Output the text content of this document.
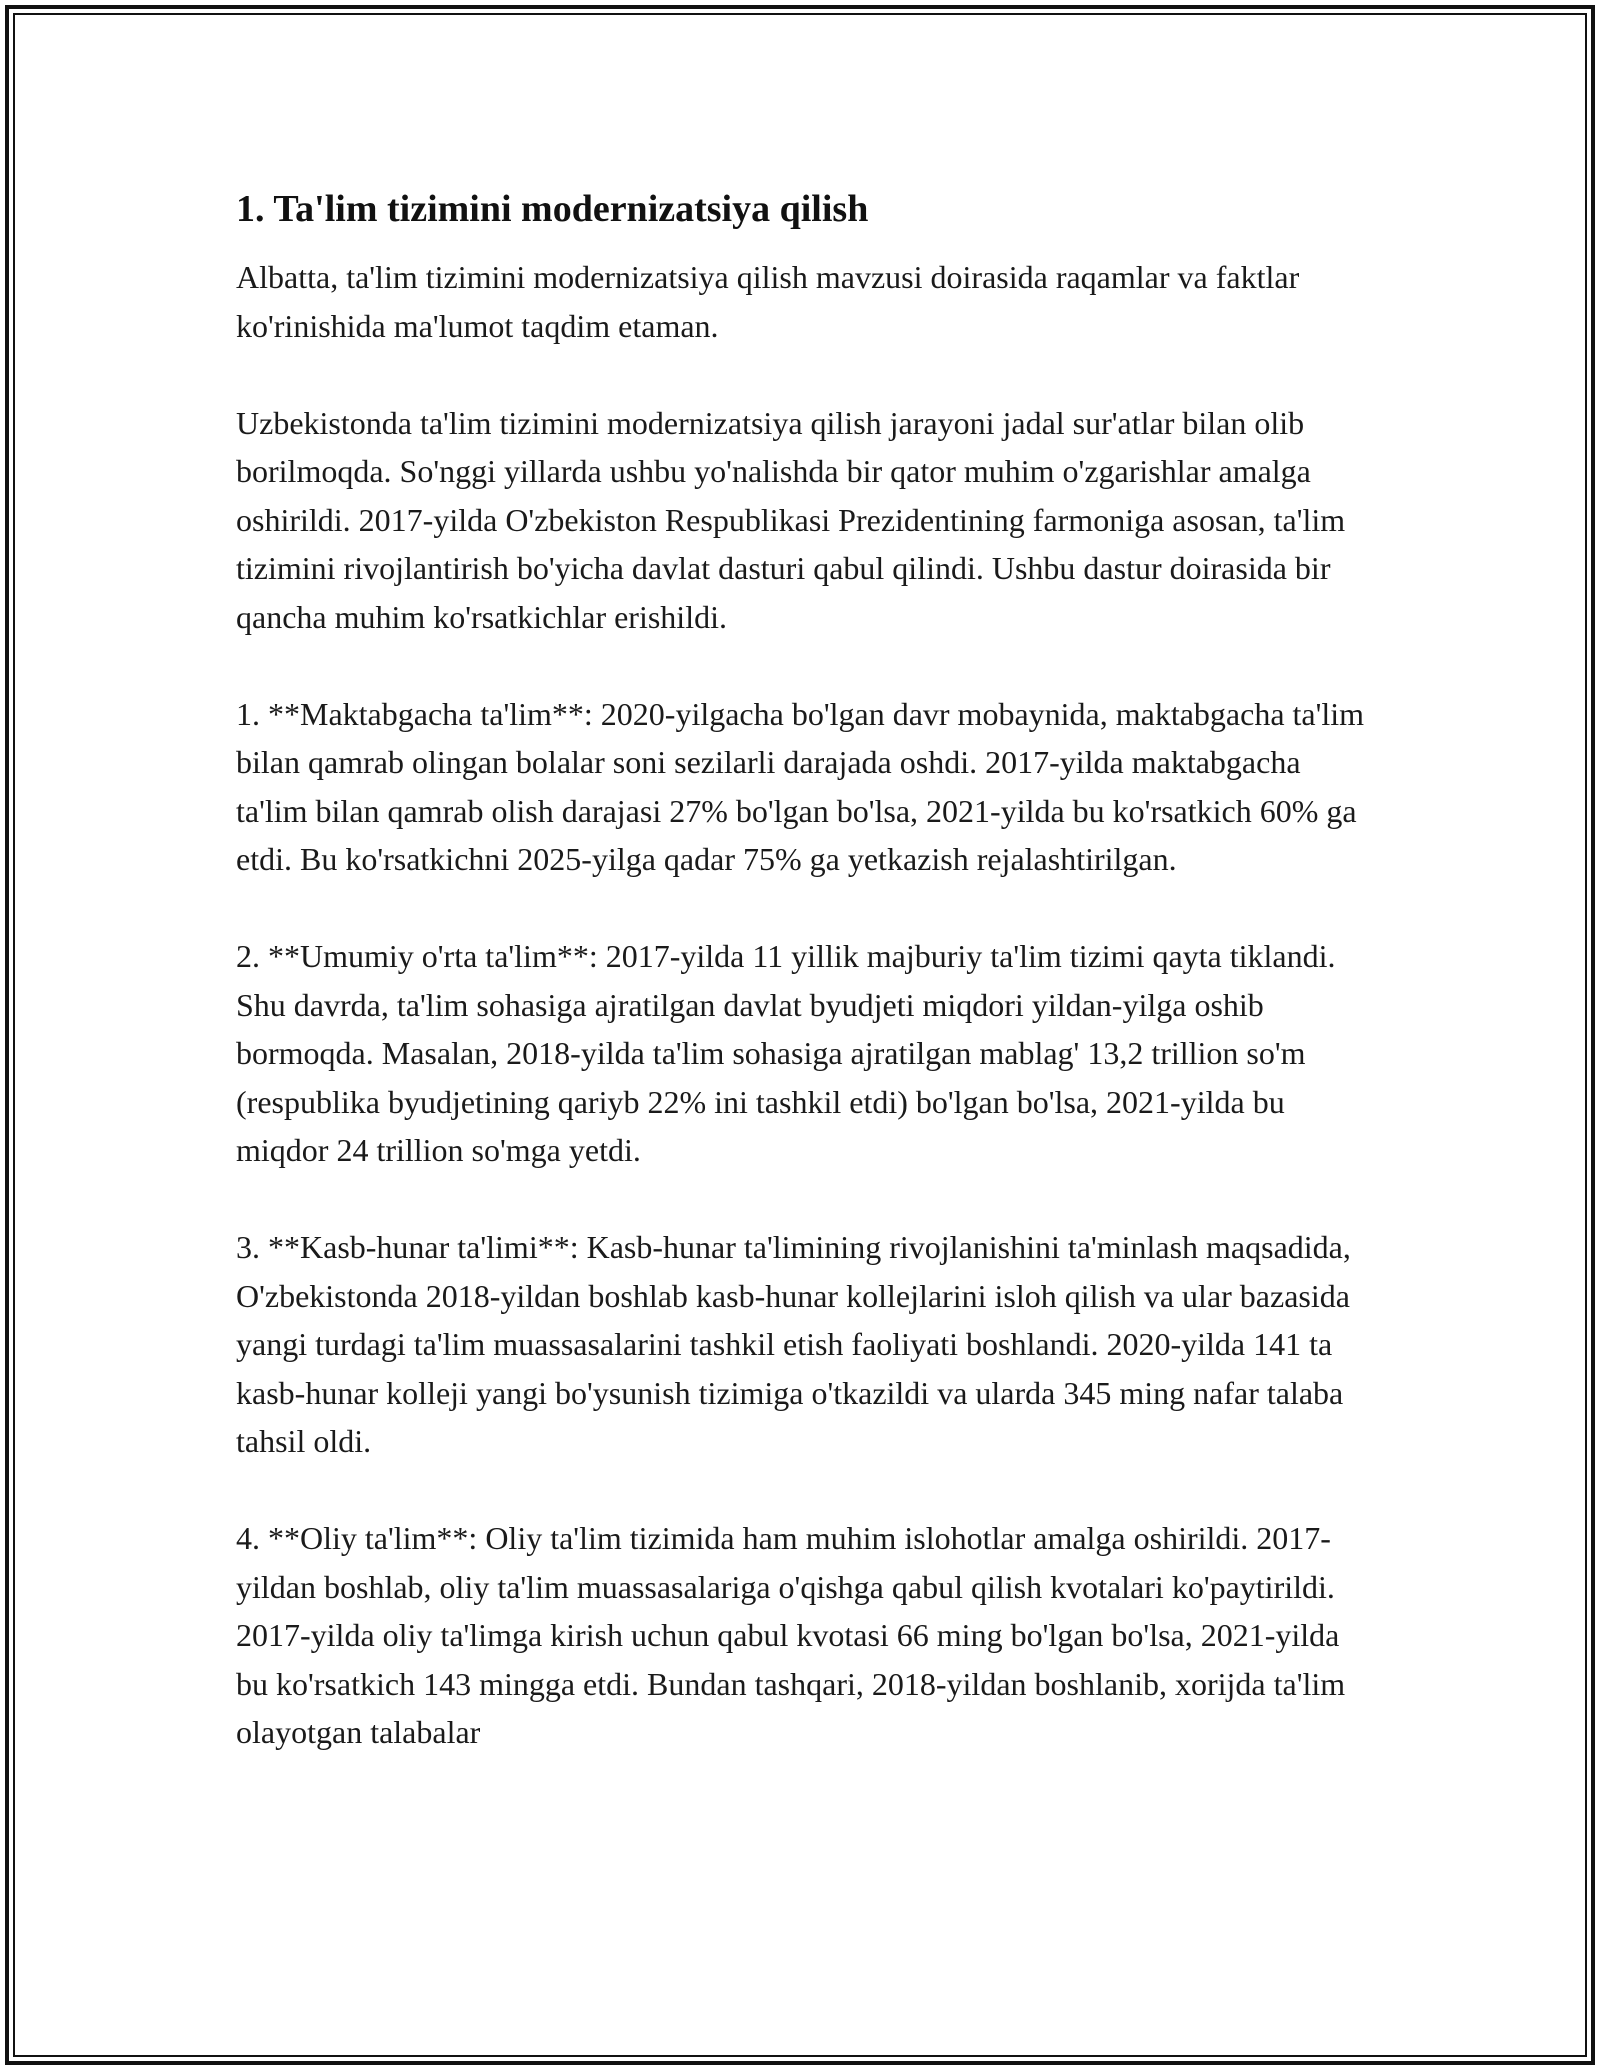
1. Ta'lim tizimini modernizatsiya qilish

Albatta, ta'lim tizimini modernizatsiya qilish mavzusi doirasida raqamlar va faktlar ko'rinishida ma'lumot taqdim etaman.

Uzbekistonda ta'lim tizimini modernizatsiya qilish jarayoni jadal sur'atlar bilan olib borilmoqda. So'nggi yillarda ushbu yo'nalishda bir qator muhim o'zgarishlar amalga oshirildi. 2017-yilda O'zbekiston Respublikasi Prezidentining farmoniga asosan, ta'lim tizimini rivojlantirish bo'yicha davlat dasturi qabul qilindi. Ushbu dastur doirasida bir qancha muhim ko'rsatkichlar erishildi.

1. **Maktabgacha ta'lim**: 2020-yilgacha bo'lgan davr mobaynida, maktabgacha ta'lim bilan qamrab olingan bolalar soni sezilarli darajada oshdi. 2017-yilda maktabgacha ta'lim bilan qamrab olish darajasi 27% bo'lgan bo'lsa, 2021-yilda bu ko'rsatkich 60% ga etdi. Bu ko'rsatkichni 2025-yilga qadar 75% ga yetkazish rejalashtirilgan.

2. **Umumiy o'rta ta'lim**: 2017-yilda 11 yillik majburiy ta'lim tizimi qayta tiklandi. Shu davrda, ta'lim sohasiga ajratilgan davlat byudjeti miqdori yildan-yilga oshib bormoqda. Masalan, 2018-yilda ta'lim sohasiga ajratilgan mablag' 13,2 trillion so'm (respublika byudjetining qariyb 22% ini tashkil etdi) bo'lgan bo'lsa, 2021-yilda bu miqdor 24 trillion so'mga yetdi.

3. **Kasb-hunar ta'limi**: Kasb-hunar ta'limining rivojlanishini ta'minlash maqsadida, O'zbekistonda 2018-yildan boshlab kasb-hunar kollejlarini isloh qilish va ular bazasida yangi turdagi ta'lim muassasalarini tashkil etish faoliyati boshlandi. 2020-yilda 141 ta kasb-hunar kolleji yangi bo'ysunish tizimiga o'tkazildi va ularda 345 ming nafar talaba tahsil oldi.

4. **Oliy ta'lim**: Oliy ta'lim tizimida ham muhim islohotlar amalga oshirildi. 2017-yildan boshlab, oliy ta'lim muassasalariga o'qishga qabul qilish kvotalari ko'paytirildi. 2017-yilda oliy ta'limga kirish uchun qabul kvotasi 66 ming bo'lgan bo'lsa, 2021-yilda bu ko'rsatkich 143 mingga etdi. Bundan tashqari, 2018-yildan boshlanib, xorijda ta'lim olayotgan talabalar
